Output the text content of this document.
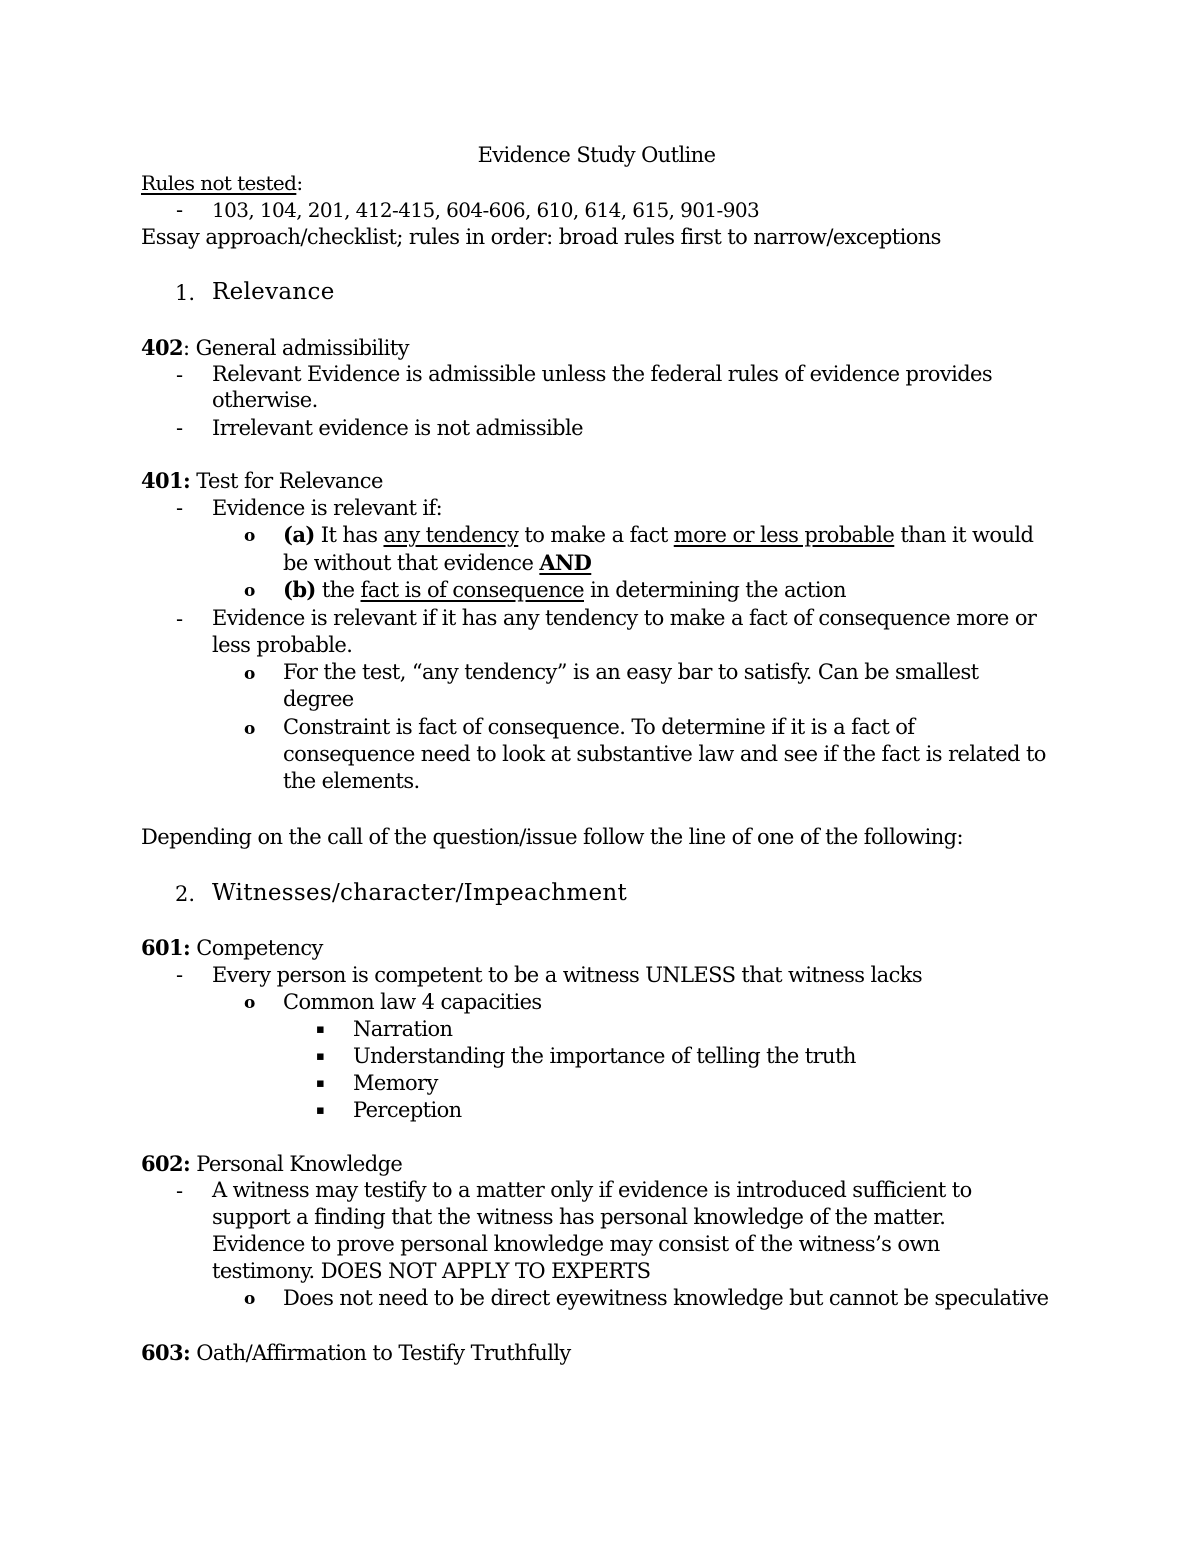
Evidence Study Outline
Rules not tested:
- 103, 104, 201, 412-415, 604-606, 610, 614, 615, 901-903
Essay approach/checklist; rules in order: broad rules first to narrow/exceptions
1. Relevance
402: General admissibility
- Relevant Evidence is admissible unless the federal rules of evidence provides
otherwise.
- Irrelevant evidence is not admissible
401: Test for Relevance
- Evidence is relevant if:
o (a) It has any tendency to make a fact more or less probable than it would
be without that evidence AND
o (b) the fact is of consequence in determining the action
- Evidence is relevant if it has any tendency to make a fact of consequence more or
less probable.
o For the test, “any tendency” is an easy bar to satisfy. Can be smallest
degree
o Constraint is fact of consequence. To determine if it is a fact of
consequence need to look at substantive law and see if the fact is related to
the elements.
Depending on the call of the question/issue follow the line of one of the following:
2. Witnesses/character/Impeachment
601: Competency
- Every person is competent to be a witness UNLESS that witness lacks
o Common law 4 capacities
▪ Narration
▪ Understanding the importance of telling the truth
▪ Memory
▪ Perception
602: Personal Knowledge
- A witness may testify to a matter only if evidence is introduced sufficient to
support a finding that the witness has personal knowledge of the matter.
Evidence to prove personal knowledge may consist of the witness’s own
testimony. DOES NOT APPLY TO EXPERTS
o Does not need to be direct eyewitness knowledge but cannot be speculative
603: Oath/Affirmation to Testify Truthfully
